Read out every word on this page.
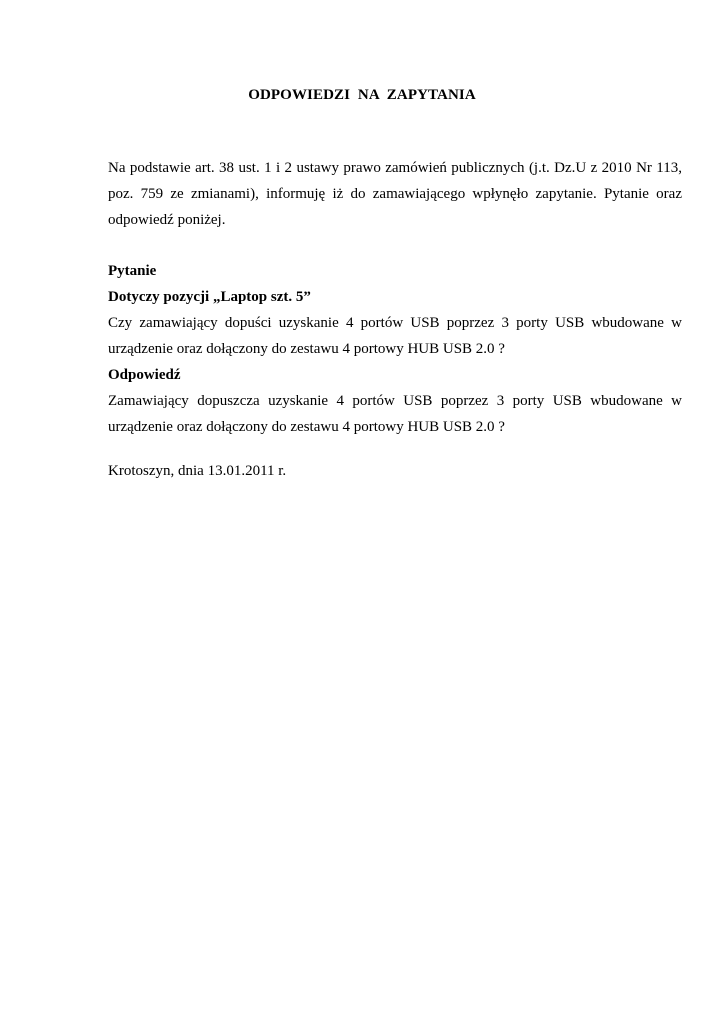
ODPOWIEDZI NA ZAPYTANIA
Na podstawie art. 38 ust. 1 i 2 ustawy prawo zamówień publicznych (j.t. Dz.U z 2010 Nr 113,
poz. 759 ze zmianami), informuję iż do zamawiającego wpłynęło zapytanie. Pytanie oraz
odpowiedź poniżej.
Pytanie
Dotyczy pozycji „Laptop szt. 5”
Czy zamawiający dopuści uzyskanie 4 portów USB poprzez 3 porty USB wbudowane w
urządzenie oraz dołączony do zestawu 4 portowy HUB USB 2.0 ?
Odpowiedź
Zamawiający dopuszcza uzyskanie 4 portów USB poprzez 3 porty USB wbudowane w
urządzenie oraz dołączony do zestawu 4 portowy HUB USB 2.0 ?
Krotoszyn, dnia 13.01.2011 r.
